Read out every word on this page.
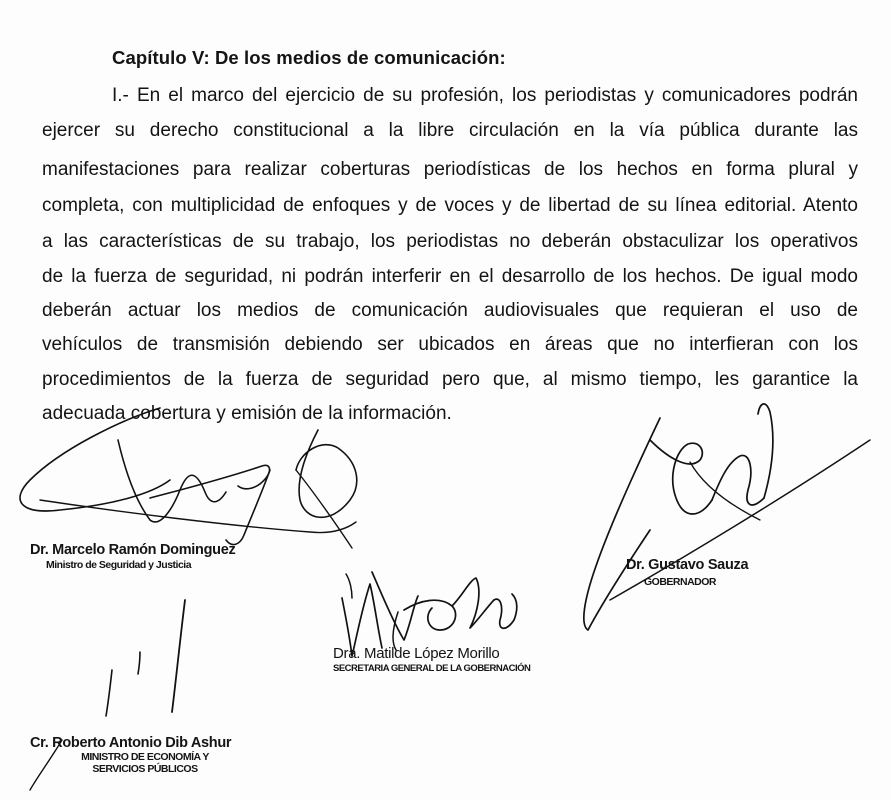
Capítulo V: De los medios de comunicación:
I.- En el marco del ejercicio de su profesión, los periodistas y comunicadores podrán
ejercer su derecho constitucional a la libre circulación en la vía pública durante las
manifestaciones para realizar coberturas periodísticas de los hechos en forma plural y
completa, con multiplicidad de enfoques y de voces y de libertad de su línea editorial. Atento
a las características de su trabajo, los periodistas no deberán obstaculizar los operativos
de la fuerza de seguridad, ni podrán interferir en el desarrollo de los hechos. De igual modo
deberán actuar los medios de comunicación audiovisuales que requieran el uso de
vehículos de transmisión debiendo ser ubicados en áreas que no interfieran con los
procedimientos de la fuerza de seguridad pero que, al mismo tiempo, les garantice la
adecuada cobertura y emisión de la información.
Dr. Marcelo Ramón Dominguez
Ministro de Seguridad y Justicia	Dr. Gustavo Sauza
GOBERNADOR
Dra. Matilde López Morillo
SECRETARIA GENERAL DE LA GOBERNACIÓN
Cr. Roberto Antonio Dib Ashur
MINISTRO DE ECONOMÍA Y
SERVICIOS PÚBLICOS
